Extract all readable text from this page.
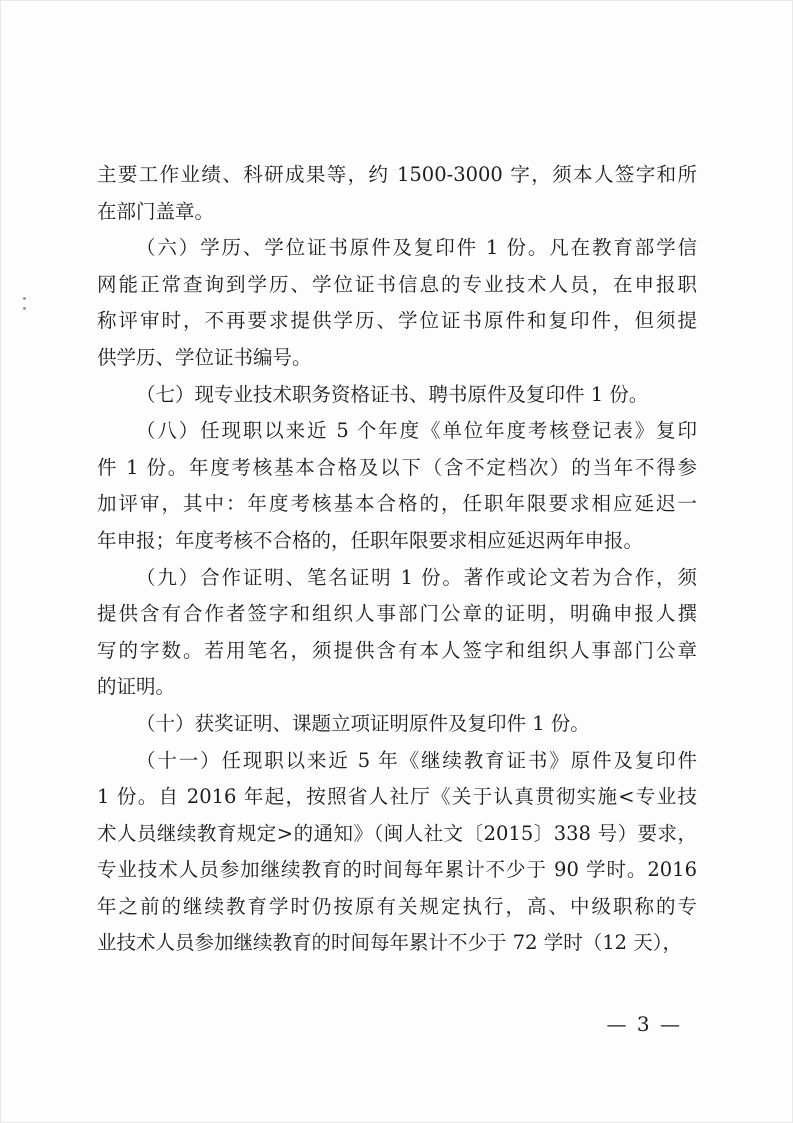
主要工作业绩、科研成果等，约 1500-3000 字，须本人签字和所
在部门盖章。

（六）学历、学位证书原件及复印件 1 份。凡在教育部学信
网能正常查询到学历、学位证书信息的专业技术人员，在申报职
称评审时，不再要求提供学历、学位证书原件和复印件，但须提
供学历、学位证书编号。

（七）现专业技术职务资格证书、聘书原件及复印件 1 份。

（八）任现职以来近 5 个年度《单位年度考核登记表》复印
件 1 份。年度考核基本合格及以下（含不定档次）的当年不得参
加评审，其中：年度考核基本合格的，任职年限要求相应延迟一
年申报；年度考核不合格的，任职年限要求相应延迟两年申报。

（九）合作证明、笔名证明 1 份。著作或论文若为合作，须
提供含有合作者签字和组织人事部门公章的证明，明确申报人撰
写的字数。若用笔名，须提供含有本人签字和组织人事部门公章
的证明。

（十）获奖证明、课题立项证明原件及复印件 1 份。

（十一）任现职以来近 5 年《继续教育证书》原件及复印件
1 份。自 2016 年起，按照省人社厅《关于认真贯彻实施<专业技
术人员继续教育规定>的通知》（闽人社文〔2015〕338 号）要求，
专业技术人员参加继续教育的时间每年累计不少于 90 学时。2016
年之前的继续教育学时仍按原有关规定执行，高、中级职称的专
业技术人员参加继续教育的时间每年累计不少于 72 学时（12 天），

— 3 —
